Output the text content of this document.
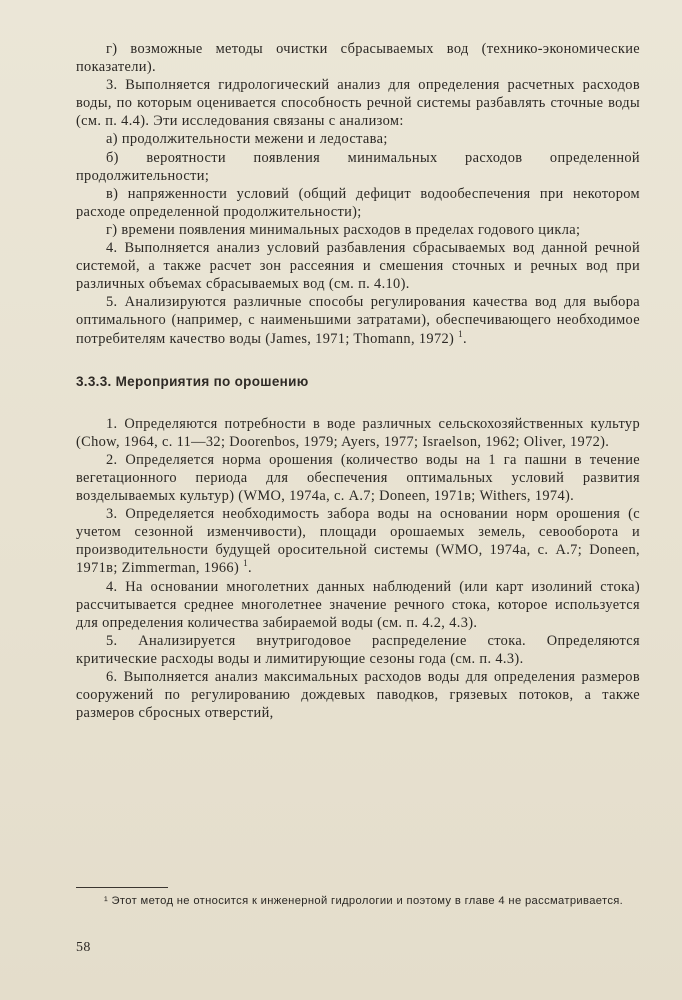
г) возможные методы очистки сбрасываемых вод (технико-экономические показатели).

3. Выполняется гидрологический анализ для определения расчетных расходов воды, по которым оценивается способность речной системы разбавлять сточные воды (см. п. 4.4). Эти исследования связаны с анализом:

а) продолжительности межени и ледостава;

б) вероятности появления минимальных расходов определенной продолжительности;

в) напряженности условий (общий дефицит водообеспечения при некотором расходе определенной продолжительности);

г) времени появления минимальных расходов в пределах годового цикла;

4. Выполняется анализ условий разбавления сбрасываемых вод данной речной системой, а также расчет зон рассеяния и смешения сточных и речных вод при различных объемах сбрасываемых вод (см. п. 4.10).

5. Анализируются различные способы регулирования качества вод для выбора оптимального (например, с наименьшими затратами), обеспечивающего необходимое потребителям качество воды (James, 1971; Thomann, 1972) $^1$.

3.3.3. Мероприятия по орошению

1. Определяются потребности в воде различных сельскохозяйственных культур (Chow, 1964, с. 11—32; Doorenbos, 1979; Ayers, 1977; Israelson, 1962; Oliver, 1972).

2. Определяется норма орошения (количество воды на 1 га пашни в течение вегетационного периода для обеспечения оптимальных условий развития возделываемых культур) (WMO, 1974a, с. A.7; Doneen, 1971в; Withers, 1974).

3. Определяется необходимость забора воды на основании норм орошения (с учетом сезонной изменчивости), площади орошаемых земель, севооборота и производительности будущей оросительной системы (WMO, 1974a, с. A.7; Doneen, 1971в; Zimmerman, 1966) $^1$.

4. На основании многолетних данных наблюдений (или карт изолиний стока) рассчитывается среднее многолетнее значение речного стока, которое используется для определения количества забираемой воды (см. п. 4.2, 4.3).

5. Анализируется внутригодовое распределение стока. Определяются критические расходы воды и лимитирующие сезоны года (см. п. 4.3).

6. Выполняется анализ максимальных расходов воды для определения размеров сооружений по регулированию дождевых паводков, грязевых потоков, а также размеров сбросных отверстий,

¹ Этот метод не относится к инженерной гидрологии и поэтому в главе 4 не рассматривается.

58
